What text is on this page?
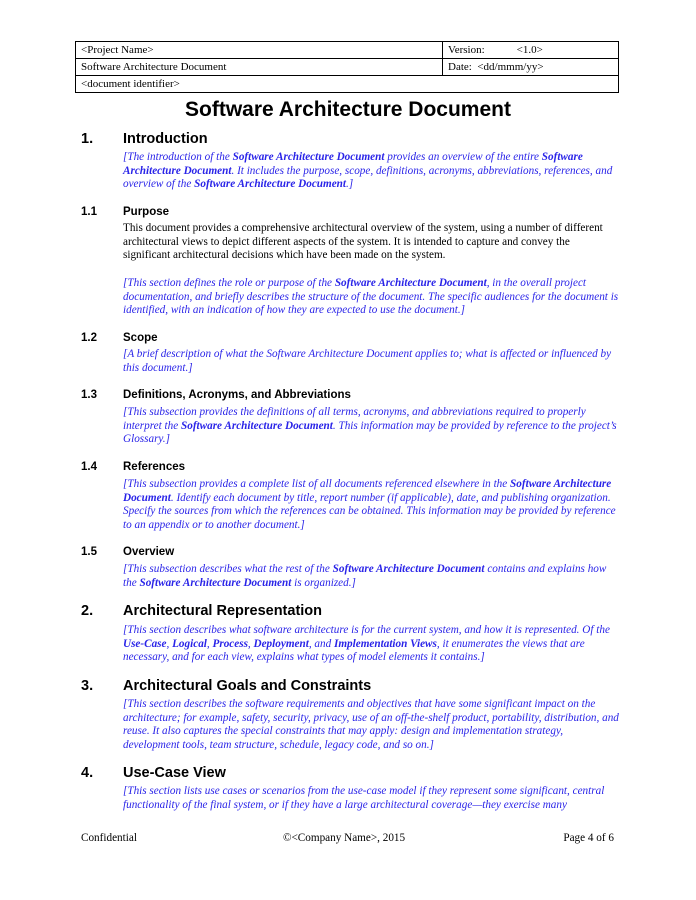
<Project Name>	Version: <1.0>
Software Architecture Document	Date: <dd/mmm/yy>
<document identifier>	
Software Architecture Document
1. Introduction
[The introduction of the Software Architecture Document provides an overview of the entire Software Architecture Document. It includes the purpose, scope, definitions, acronyms, abbreviations, references, and overview of the Software Architecture Document.]
1.1 Purpose
This document provides a comprehensive architectural overview of the system, using a number of different architectural views to depict different aspects of the system. It is intended to capture and convey the significant architectural decisions which have been made on the system.
[This section defines the role or purpose of the Software Architecture Document, in the overall project documentation, and briefly describes the structure of the document. The specific audiences for the document is identified, with an indication of how they are expected to use the document.]
1.2 Scope
[A brief description of what the Software Architecture Document applies to; what is affected or influenced by this document.]
1.3 Definitions, Acronyms, and Abbreviations
[This subsection provides the definitions of all terms, acronyms, and abbreviations required to properly interpret the Software Architecture Document. This information may be provided by reference to the project’s Glossary.]
1.4 References
[This subsection provides a complete list of all documents referenced elsewhere in the Software Architecture Document. Identify each document by title, report number (if applicable), date, and publishing organization. Specify the sources from which the references can be obtained. This information may be provided by reference to an appendix or to another document.]
1.5 Overview
[This subsection describes what the rest of the Software Architecture Document contains and explains how the Software Architecture Document is organized.]
2. Architectural Representation
[This section describes what software architecture is for the current system, and how it is represented. Of the Use-Case, Logical, Process, Deployment, and Implementation Views, it enumerates the views that are necessary, and for each view, explains what types of model elements it contains.]
3. Architectural Goals and Constraints
[This section describes the software requirements and objectives that have some significant impact on the architecture; for example, safety, security, privacy, use of an off-the-shelf product, portability, distribution, and reuse. It also captures the special constraints that may apply: design and implementation strategy, development tools, team structure, schedule, legacy code, and so on.]
4. Use-Case View
[This section lists use cases or scenarios from the use-case model if they represent some significant, central functionality of the final system, or if they have a large architectural coverage—they exercise many
Confidential	©<Company Name>, 2015	Page 4 of 6
